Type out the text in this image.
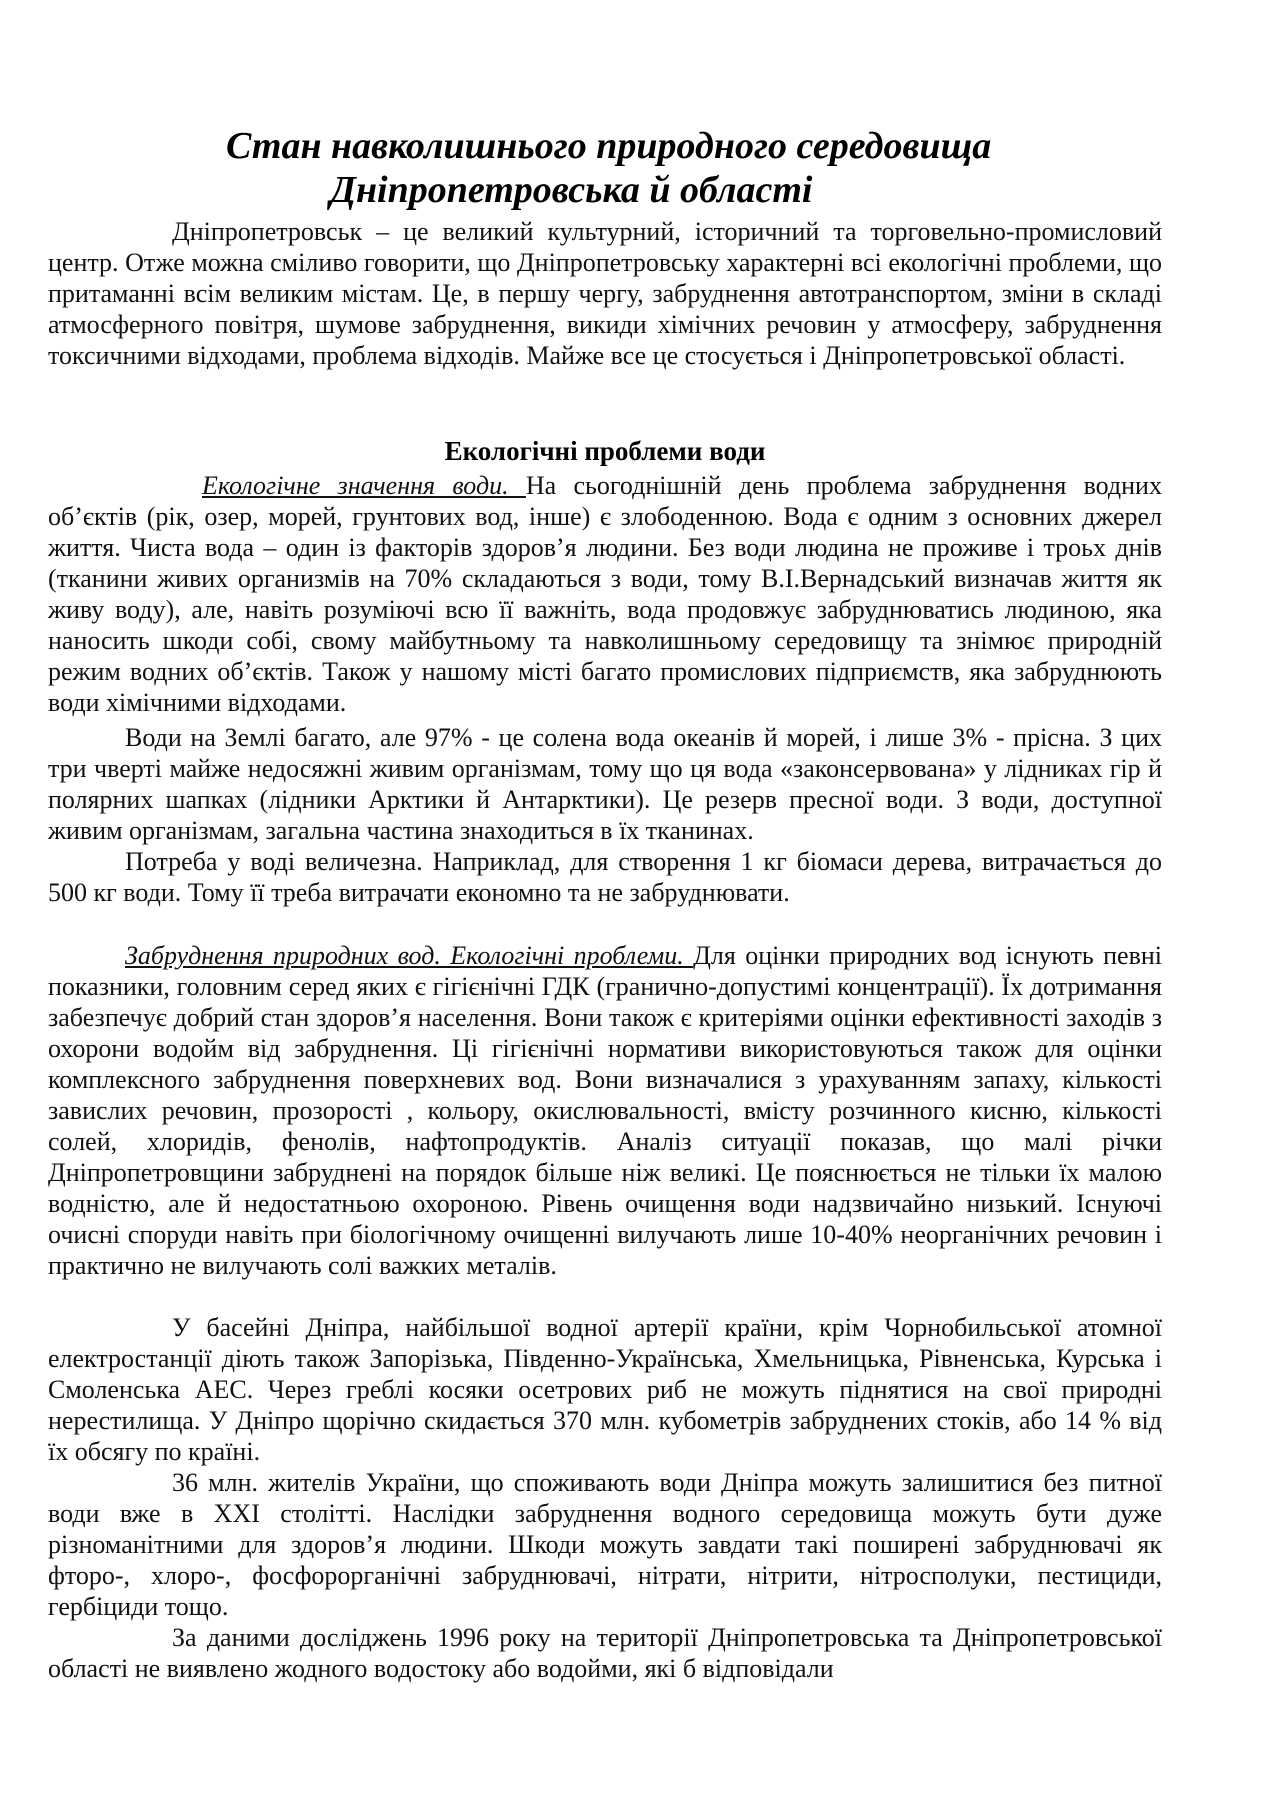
Стан навколишнього природного середовища
Дніпропетровська й області

Дніпропетровськ – це великий культурний, історичний та торговельно-промисловий центр. Отже можна сміливо говорити, що Дніпропетровську характерні всі екологічні проблеми, що притаманні всім великим містам. Це, в першу чергу, забруднення автотранспортом, зміни в складі атмосферного повітря, шумове забруднення, викиди хімічних речовин у атмосферу, забруднення токсичними відходами, проблема відходів. Майже все це стосується і Дніпропетровської області.

Екологічні проблеми води

Екологічне значення води. На сьогоднішній день проблема забруднення водних об’єктів (рік, озер, морей, грунтових вод, інше) є злободенною. Вода є одним з основних джерел життя. Чиста вода – один із факторів здоров’я людини. Без води людина не проживе і троьх днів (тканини живих организмів на 70% складаються з води, тому В.І.Вернадський визначав життя як живу воду), але, навіть розуміючі всю її важніть, вода продовжує забруднюватись людиною, яка наносить шкоди собі, свому майбутньому та навколишньому середовищу та знімює природній режим водних об’єктів. Також у нашому місті багато промислових підприємств, яка забруднюють води хімічними відходами.

Води на Землі багато, але 97% - це солена вода океанів й морей, і лише 3% - прісна. З цих три чверті майже недосяжні живим організмам, тому що ця вода «законсервована» у лідниках гір й полярних шапках (лідники Арктики й Антарктики). Це резерв пресної води. З води, доступної живим організмам, загальна частина знаходиться в їх тканинах.

Потреба у воді величезна. Наприклад, для створення 1 кг біомаси дерева, витрачається до 500 кг води. Тому її треба витрачати економно та не забруднювати.

Забруднення природних вод. Екологічні проблеми. Для оцінки природних вод існують певні показники, головним серед яких є гігієнічні ГДК (гранично-допустимі концентрації). Їх дотримання забезпечує добрий стан здоров’я населення. Вони також є критеріями оцінки ефективності заходів з охорони водойм від забруднення. Ці гігієнічні нормативи використовуються також для оцінки комплексного забруднення поверхневих вод. Вони визначалися з урахуванням запаху, кількості завислих речовин, прозорості , кольору, окислювальності, вмісту розчинного кисню, кількості солей, хлоридів, фенолів, нафтопродуктів. Аналіз ситуації показав, що малі річки Дніпропетровщини забруднені на порядок більше ніж великі. Це пояснюється не тільки їх малою водністю, але й недостатньою охороною. Рівень очищення води надзвичайно низький. Існуючі очисні споруди навіть при біологічному очищенні вилучають лише 10-40% неорганічних речовин і практично не вилучають солі важких металів.

У басейні Дніпра, найбільшої водної артерії країни, крім Чорнобильської атомної електростанції діють також Запорізька, Південно-Українська, Хмельницька, Рівненська, Курська і Смоленська АЕС. Через греблі косяки осетрових риб не можуть піднятися на свої природні нерестилища. У Дніпро щорічно скидається 370 млн. кубометрів забруднених стоків, або 14 % від їх обсягу по країні.

36 млн. жителів України, що споживають води Дніпра можуть залишитися без питної води вже в XXI столітті. Наслідки забруднення водного середовища можуть бути дуже різноманітними для здоров’я людини. Шкоди можуть завдати такі поширені забруднювачі як фторо-, хлоро-, фосфорорганічні забруднювачі, нітрати, нітрити, нітросполуки, пестициди, гербіциди тощо.

За даними досліджень 1996 року на території Дніпропетровська та Дніпропетровської області не виявлено жодного водостоку або водойми, які б відповідали
